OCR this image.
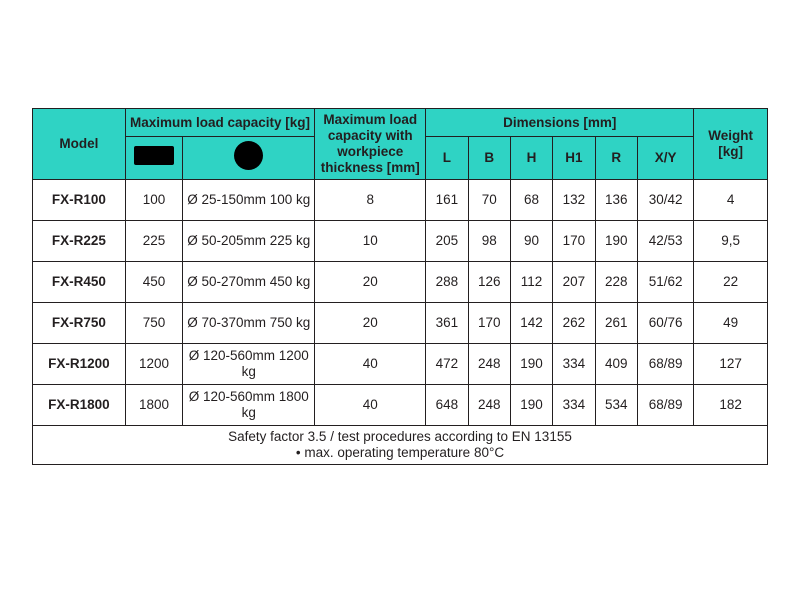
Model	Maximum load capacity [kg]		Maximum load capacity with workpiece thickness [mm]	Dimensions [mm]						Weight [kg]
				L	B	H	H1	R	X/Y	

FX-R100	100	Ø 25-150mm 100 kg	8	161	70	68	132	136	30/42	4
FX-R225	225	Ø 50-205mm 225 kg	10	205	98	90	170	190	42/53	9,5
FX-R450	450	Ø 50-270mm 450 kg	20	288	126	112	207	228	51/62	22
FX-R750	750	Ø 70-370mm 750 kg	20	361	170	142	262	261	60/76	49
FX-R1200	1200	Ø 120-560mm 1200 kg	40	472	248	190	334	409	68/89	127
FX-R1800	1800	Ø 120-560mm 1800 kg	40	648	248	190	334	534	68/89	182
Safety factor 3.5 / test procedures according to EN 13155
• max. operating temperature 80°C										
